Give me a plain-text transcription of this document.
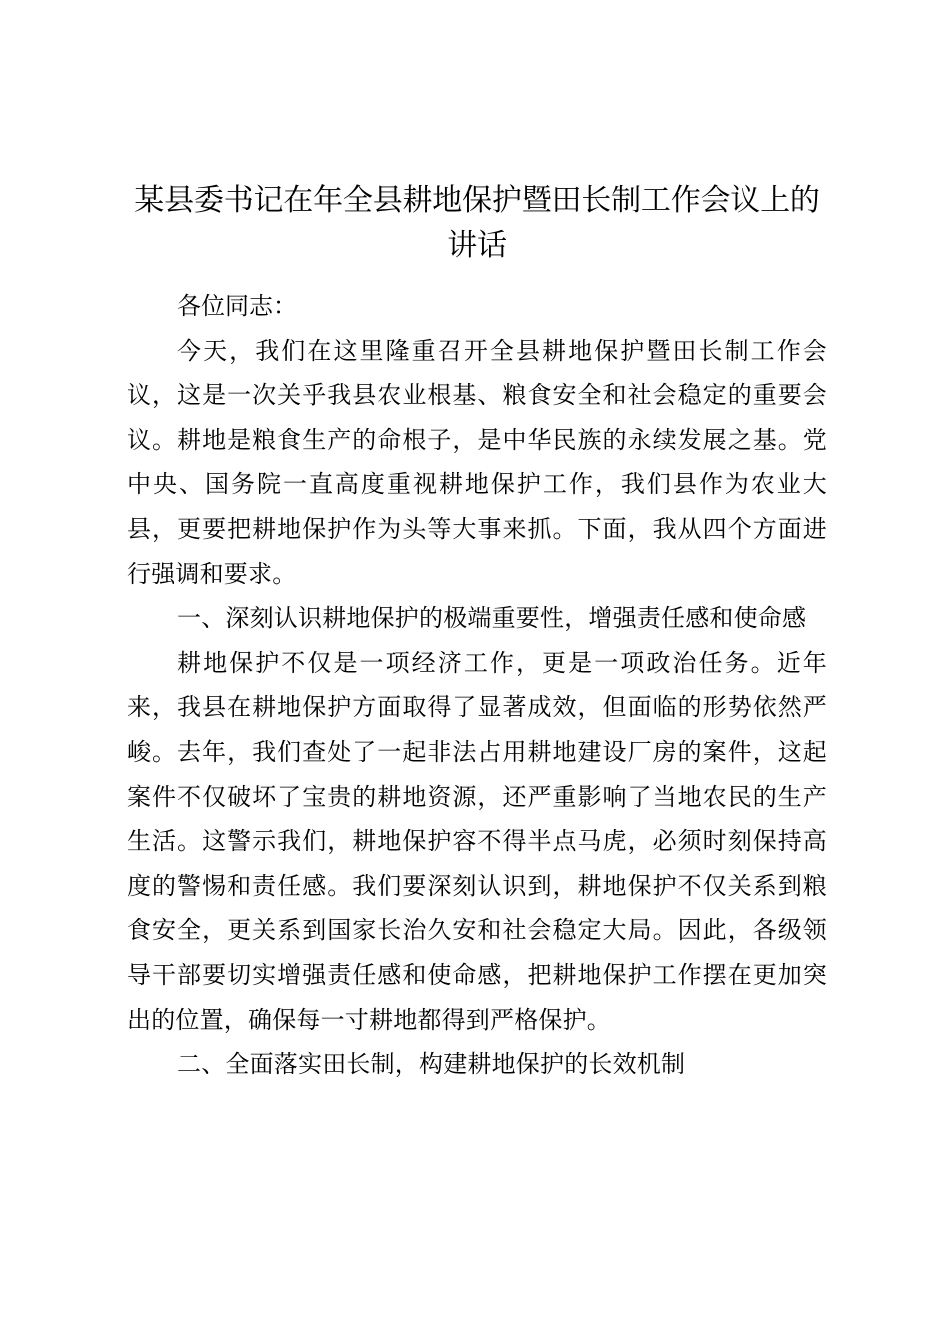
某县委书记在年全县耕地保护暨田长制工作会议上的讲话

各位同志：

今天，我们在这里隆重召开全县耕地保护暨田长制工作会议，这是一次关乎我县农业根基、粮食安全和社会稳定的重要会议。耕地是粮食生产的命根子，是中华民族的永续发展之基。党中央、国务院一直高度重视耕地保护工作，我们县作为农业大县，更要把耕地保护作为头等大事来抓。下面，我从四个方面进行强调和要求。

一、深刻认识耕地保护的极端重要性，增强责任感和使命感

耕地保护不仅是一项经济工作，更是一项政治任务。近年来，我县在耕地保护方面取得了显著成效，但面临的形势依然严峻。去年，我们查处了一起非法占用耕地建设厂房的案件，这起案件不仅破坏了宝贵的耕地资源，还严重影响了当地农民的生产生活。这警示我们，耕地保护容不得半点马虎，必须时刻保持高度的警惕和责任感。我们要深刻认识到，耕地保护不仅关系到粮食安全，更关系到国家长治久安和社会稳定大局。因此，各级领导干部要切实增强责任感和使命感，把耕地保护工作摆在更加突出的位置，确保每一寸耕地都得到严格保护。

二、全面落实田长制，构建耕地保护的长效机制
